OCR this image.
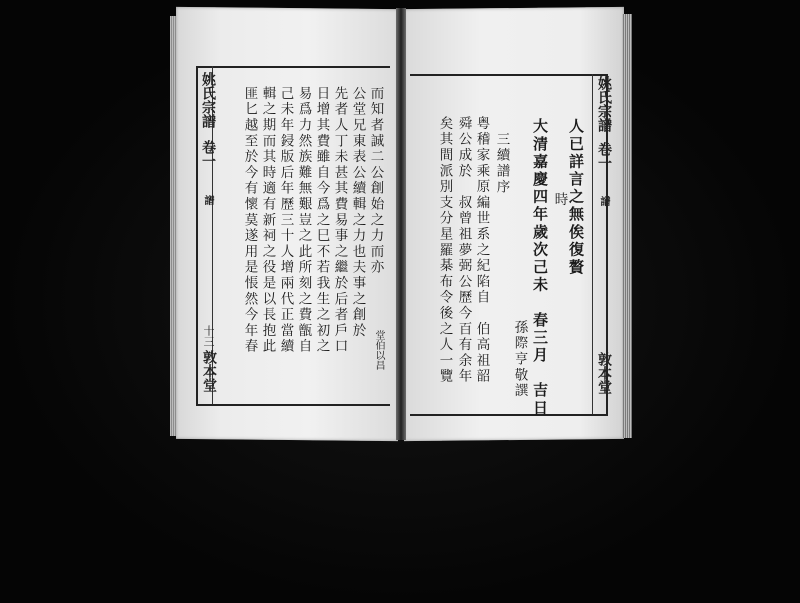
姚氏宗譜
卷一
譜
十三
敦本堂
而知者誠二公創始之力而亦
公堂兄東表公續輯之力也夫事之創於
先者人丁未甚其費易事之繼於后者戶口
日增其費雖自今爲之巳不若我生之初之
易爲力然族難無艱豈之此所刻之費甑自
己未年鋟版后年歷三十人增兩代正當續
輯之期而其時適有新祠之役是以長抱此
匪匕越至於今有懷莫遂用是悵然今年春	堂伯以昌
姚氏宗譜
卷一
譜
敦本堂
人已詳言之無俟復贅
時
大清嘉慶四年歲次己未　春三月　吉日
孫際亨敬譔
三續譜序
粤稽家乘原編世系之紀陷自　伯高祖韶
舜公成於　叔曾祖夢弼公歷今百有余年
矣其間派別支分星羅棊布令後之人一覽
